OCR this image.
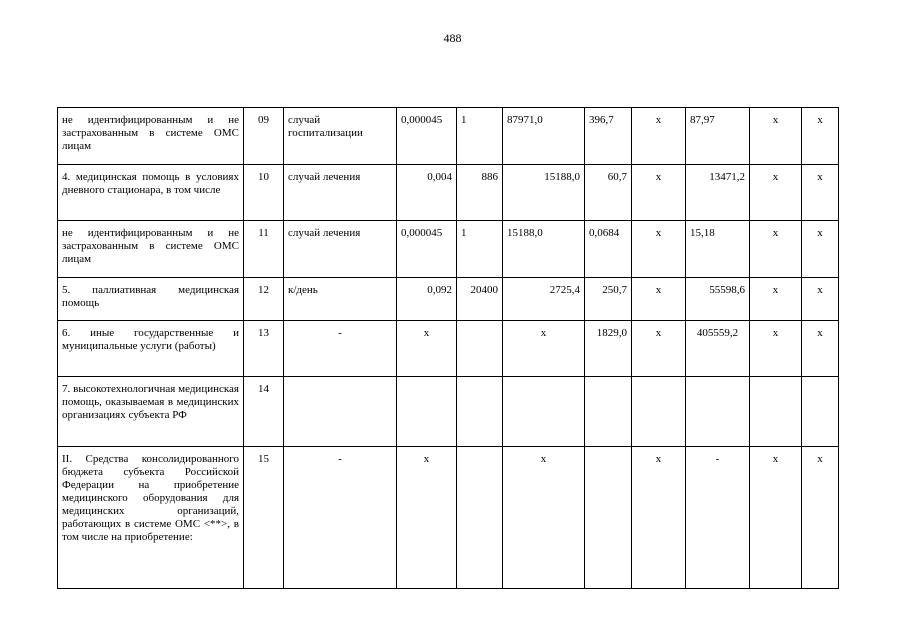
488
не идентифицированным и не застрахованным в системе ОМС лицам	09	случай госпитализации	0,000045	1	87971,0	396,7	х	87,97	х	х
4. медицинская помощь в условиях дневного стационара, в том числе	10	случай лечения	0,004	886	15188,0	60,7	х	13471,2	х	х
не идентифицированным и не застрахованным в системе ОМС лицам	11	случай лечения	0,000045	1	15188,0	0,0684	х	15,18	х	х
5. паллиативная медицинская помощь	12	к/день	0,092	20400	2725,4	250,7	х	55598,6	х	х
6. иные государственные и муниципальные услуги (работы)	13	-	х		х	1829,0	х	405559,2	х	х
7. высокотехнологичная медицинская помощь, оказываемая в медицинских организациях субъекта РФ	14									
II. Средства консолидированного бюджета субъекта Российской Федерации на приобретение медицинского оборудования для медицинских организаций, работающих в системе ОМС <**>, в том числе на приобретение:	15	-	х		х		х	-	х	х
